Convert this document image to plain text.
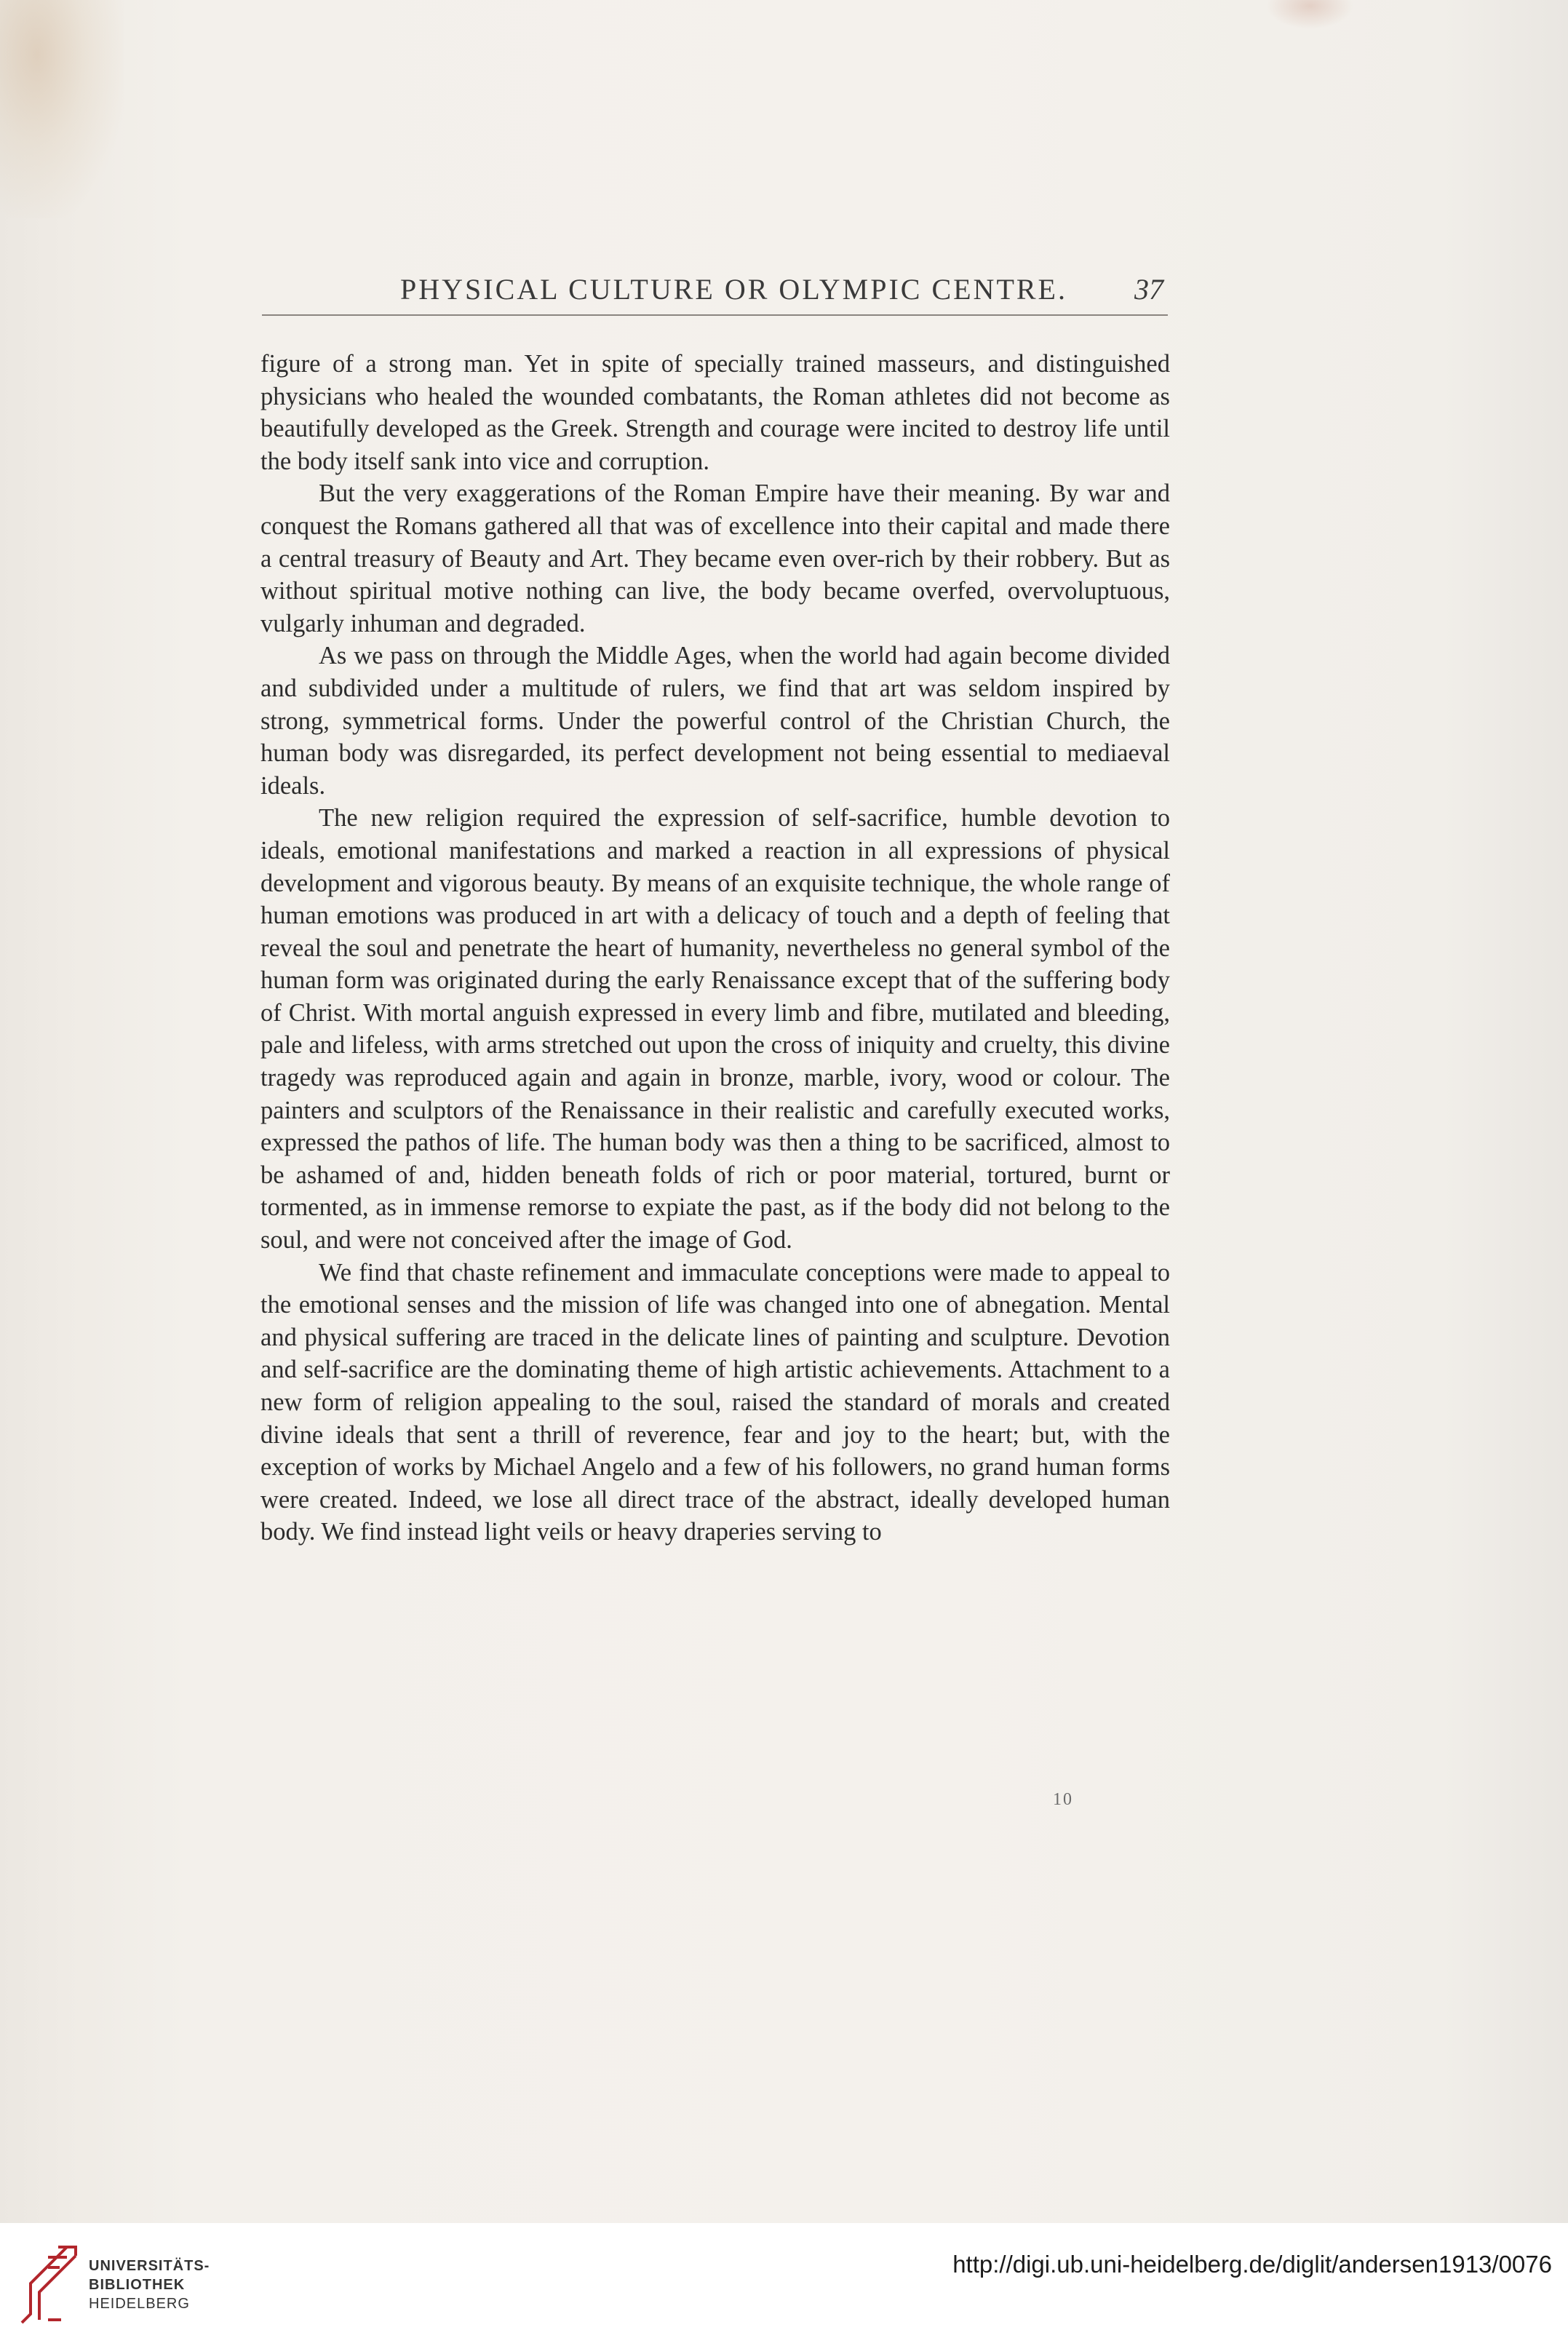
PHYSICAL CULTURE OR OLYMPIC CENTRE. 37

figure of a strong man. Yet in spite of specially trained masseurs, and distinguished physicians who healed the wounded combatants, the Roman athletes did not become as beautifully developed as the Greek. Strength and courage were incited to destroy life until the body itself sank into vice and corruption.

But the very exaggerations of the Roman Empire have their meaning. By war and conquest the Romans gathered all that was of excellence into their capital and made there a central treasury of Beauty and Art. They became even over-rich by their robbery. But as without spiritual motive nothing can live, the body became overfed, overvoluptuous, vulgarly inhuman and degraded.

As we pass on through the Middle Ages, when the world had again become divided and subdivided under a multitude of rulers, we find that art was seldom inspired by strong, symmetrical forms. Under the powerful control of the Christian Church, the human body was disregarded, its perfect development not being essential to mediaeval ideals.

The new religion required the expression of self-sacrifice, humble devotion to ideals, emotional manifestations and marked a reaction in all expressions of physical development and vigorous beauty. By means of an exquisite technique, the whole range of human emotions was produced in art with a delicacy of touch and a depth of feeling that reveal the soul and penetrate the heart of humanity, nevertheless no general symbol of the human form was originated during the early Renaissance except that of the suffering body of Christ. With mortal anguish expressed in every limb and fibre, mutilated and bleeding, pale and lifeless, with arms stretched out upon the cross of iniquity and cruelty, this divine tragedy was reproduced again and again in bronze, marble, ivory, wood or colour. The painters and sculptors of the Renaissance in their realistic and carefully executed works, expressed the pathos of life. The human body was then a thing to be sacrificed, almost to be ashamed of and, hidden beneath folds of rich or poor material, tortured, burnt or tormented, as in immense remorse to expiate the past, as if the body did not belong to the soul, and were not conceived after the image of God.

We find that chaste refinement and immaculate conceptions were made to appeal to the emotional senses and the mission of life was changed into one of abnegation. Mental and physical suffering are traced in the delicate lines of painting and sculpture. Devotion and self-sacrifice are the dominating theme of high artistic achievements. Attachment to a new form of religion appealing to the soul, raised the standard of morals and created divine ideals that sent a thrill of reverence, fear and joy to the heart; but, with the exception of works by Michael Angelo and a few of his followers, no grand human forms were created. Indeed, we lose all direct trace of the abstract, ideally developed human body. We find instead light veils or heavy draperies serving to

10
UNIVERSITÄTS-
BIBLIOTHEK
HEIDELBERG
http://digi.ub.uni-heidelberg.de/diglit/andersen1913/0076
